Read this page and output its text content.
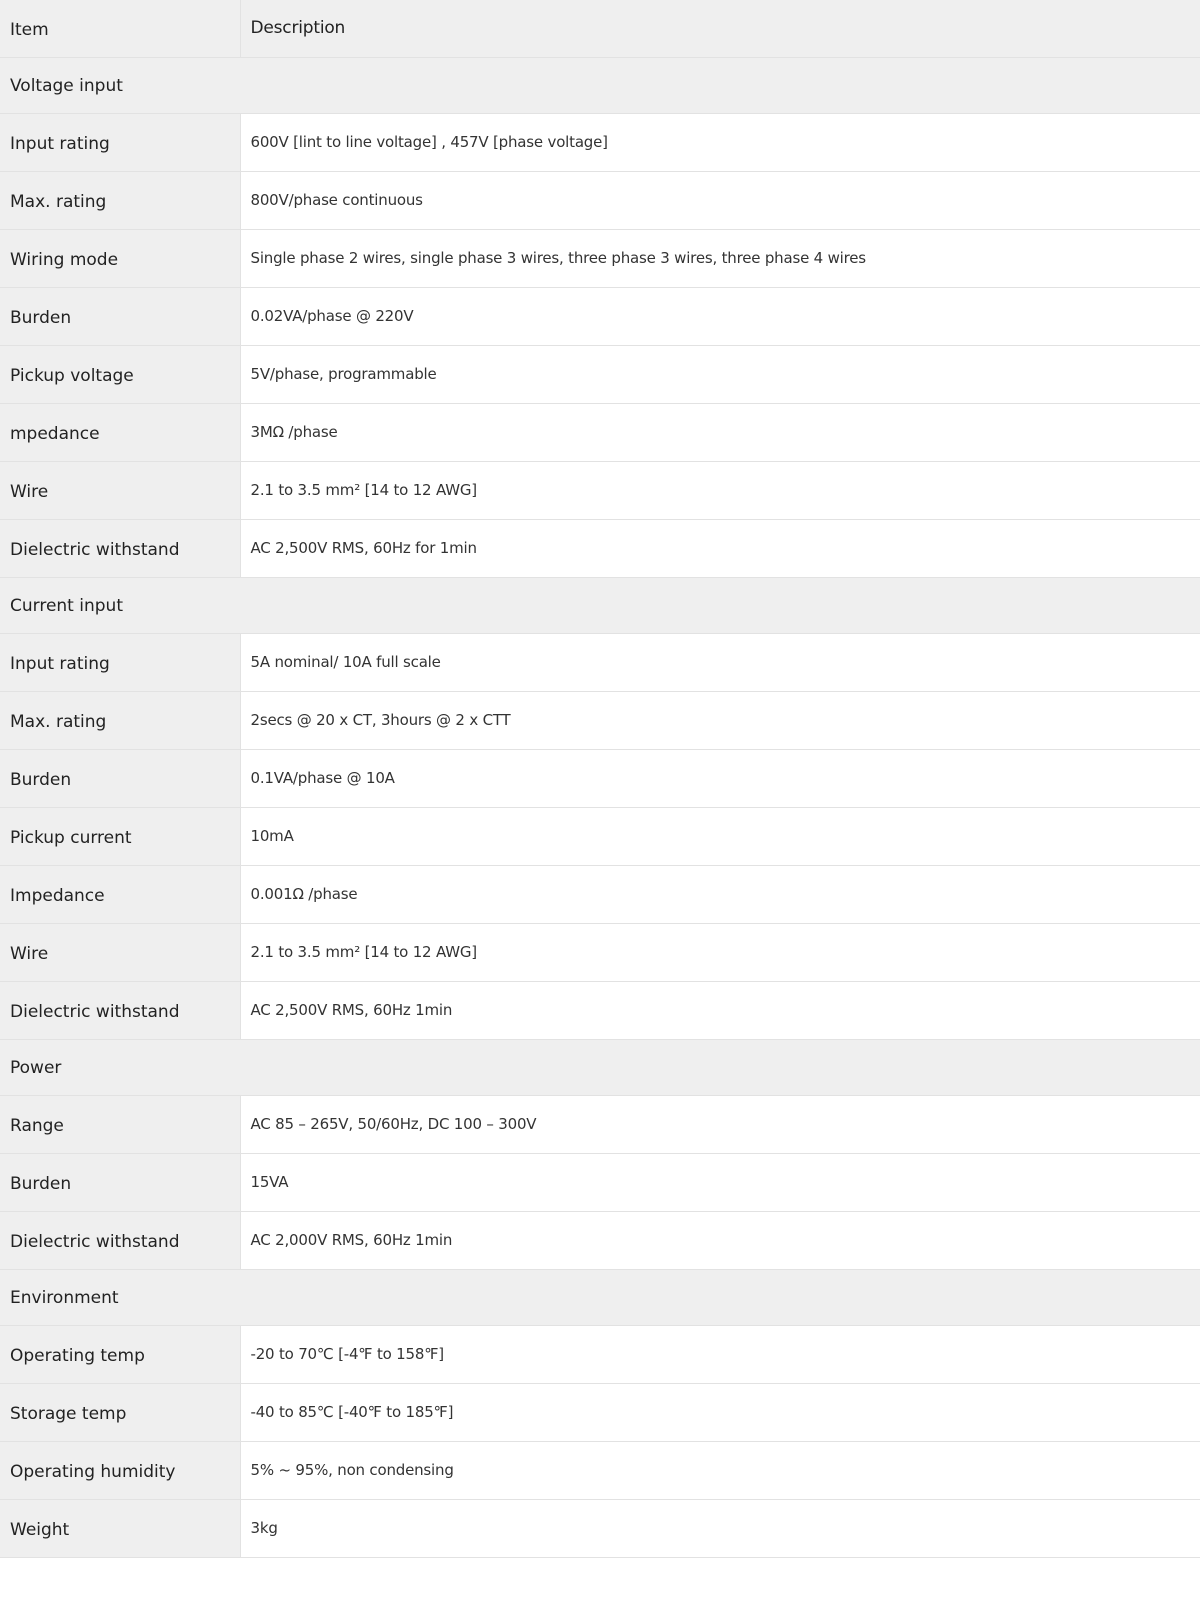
Item	Description
Voltage input	
Input rating	600V [lint to line voltage] , 457V [phase voltage]
Max. rating	800V/phase continuous
Wiring mode	Single phase 2 wires, single phase 3 wires, three phase 3 wires, three phase 4 wires
Burden	0.02VA/phase @ 220V
Pickup voltage	5V/phase, programmable
mpedance	3MΩ /phase
Wire	2.1 to 3.5 mm² [14 to 12 AWG]
Dielectric withstand	AC 2,500V RMS, 60Hz for 1min
Current input	
Input rating	5A nominal/ 10A full scale
Max. rating	2secs @ 20 x CT, 3hours @ 2 x CTT
Burden	0.1VA/phase @ 10A
Pickup current	10mA
Impedance	0.001Ω /phase
Wire	2.1 to 3.5 mm² [14 to 12 AWG]
Dielectric withstand	AC 2,500V RMS, 60Hz 1min
Power	
Range	AC 85 – 265V, 50/60Hz, DC 100 – 300V
Burden	15VA
Dielectric withstand	AC 2,000V RMS, 60Hz 1min
Environment	
Operating temp	-20 to 70℃ [-4℉ to 158℉]
Storage temp	-40 to 85℃ [-40℉ to 185℉]
Operating humidity	5% ~ 95%, non condensing
Weight	3kg
